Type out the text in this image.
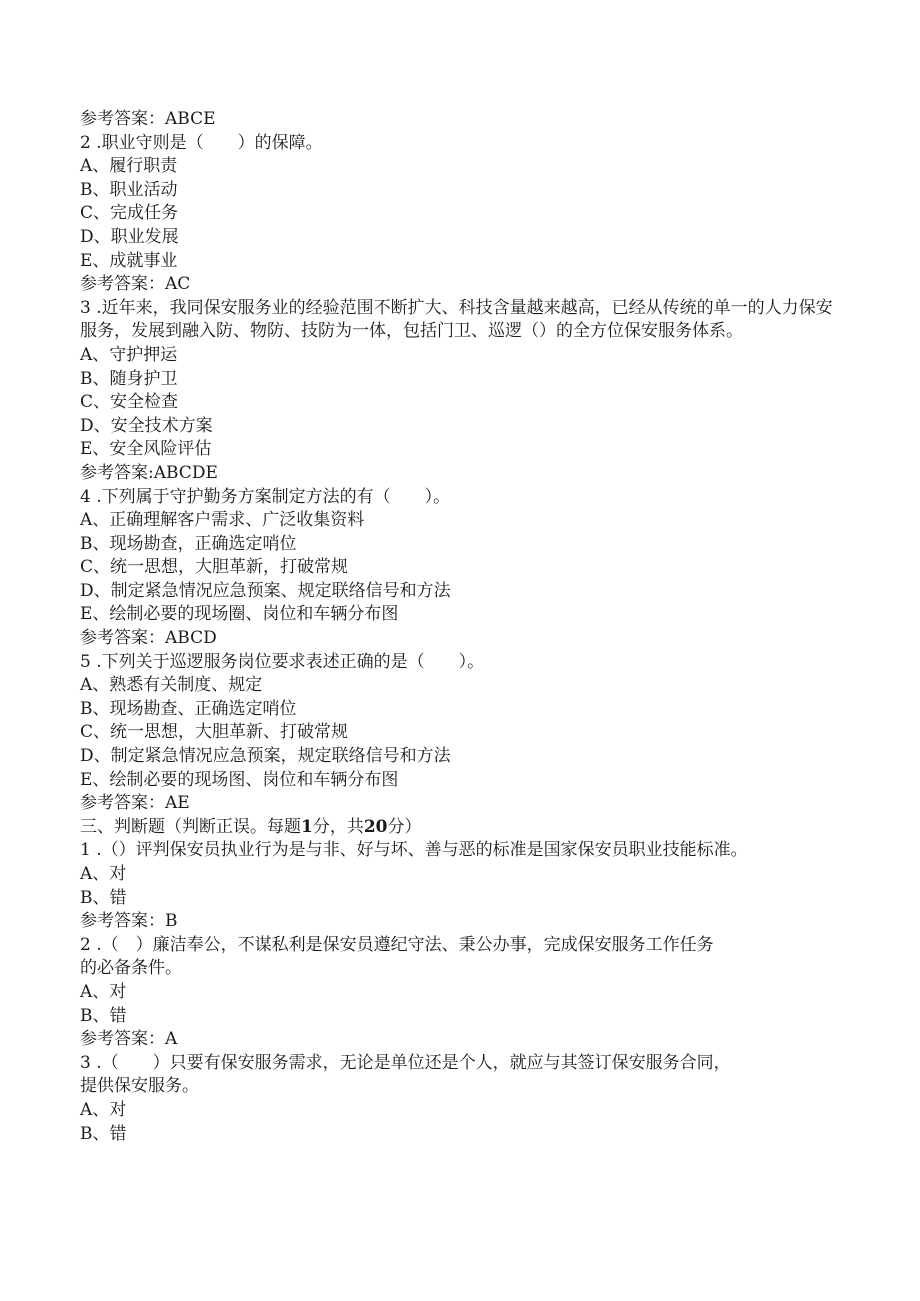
参考答案：ABCE

2 .职业守则是（　　）的保障。

A、履行职责

B、职业活动

C、完成任务

D、职业发展

E、成就事业

参考答案：AC

3 .近年来，我同保安服务业的经验范围不断扩大、科技含量越来越高，已经从传统的单一的人力保安服务，发展到融入防、物防、技防为一体，包括门卫、巡逻（）的全方位保安服务体系。

A、守护押运

B、随身护卫

C、安全检查

D、安全技术方案

E、安全风险评估

参考答案:ABCDE

4 .下列属于守护勤务方案制定方法的有（　　）。

A、正确理解客户需求、广泛收集资料

B、现场勘查，正确选定哨位

C、统一思想，大胆革新，打破常规

D、制定紧急情况应急预案、规定联络信号和方法

E、绘制必要的现场圈、岗位和车辆分布图

参考答案：ABCD

5 .下列关于巡逻服务岗位要求表述正确的是（　　）。

A、熟悉有关制度、规定

B、现场勘查、正确选定哨位

C、统一思想，大胆革新、打破常规

D、制定紧急情况应急预案，规定联络信号和方法

E、绘制必要的现场图、岗位和车辆分布图

参考答案：AE

三、判断题（判断正误。每题1分，共20分）

1 .（）评判保安员执业行为是与非、好与坏、善与恶的标准是国家保安员职业技能标准。

A、对

B、错

参考答案：B

2 .（　）廉洁奉公，不谋私利是保安员遵纪守法、秉公办事，完成保安服务工作任务

的必备条件。

A、对

B、错

参考答案：A

3 .（　　）只要有保安服务需求，无论是单位还是个人，就应与其签订保安服务合同，

提供保安服务。

A、对

B、错
